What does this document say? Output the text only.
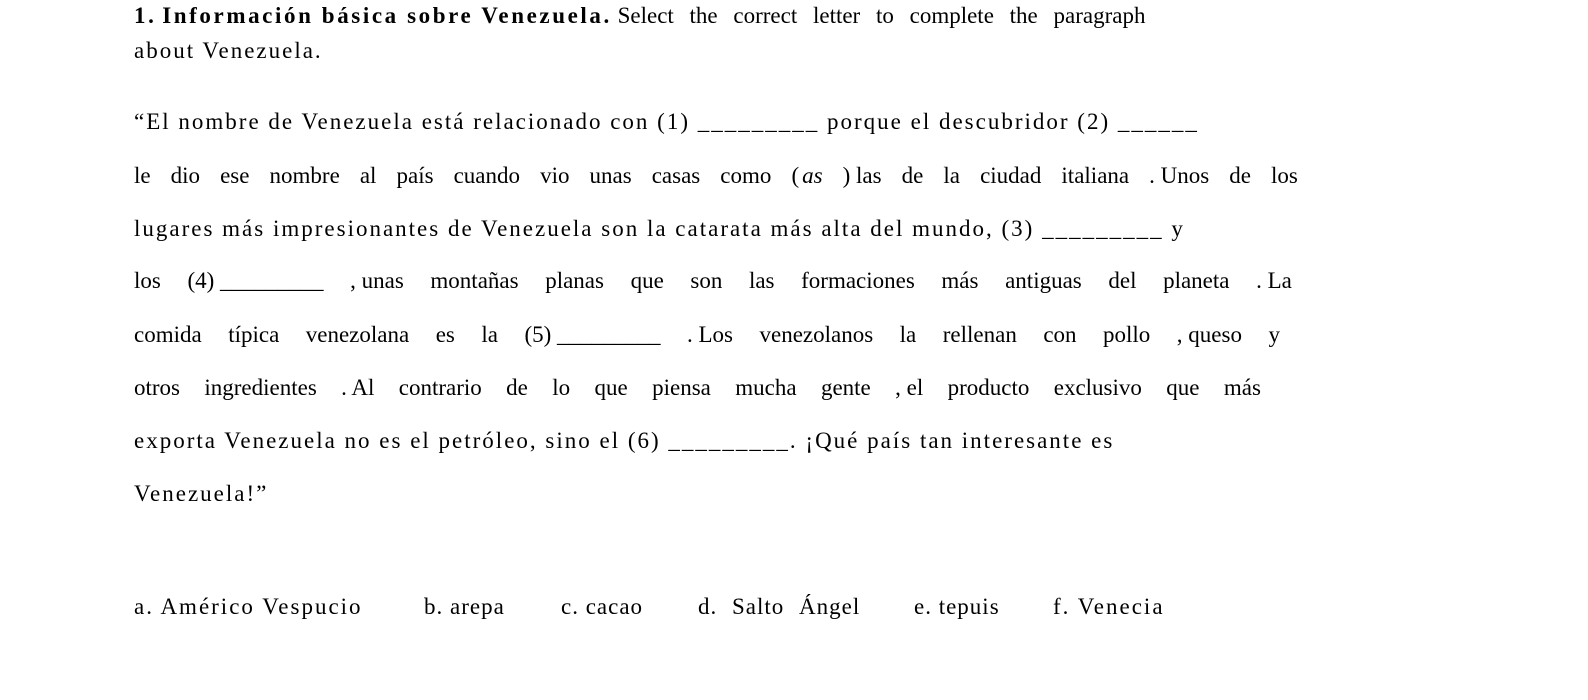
1. Información básica sobre Venezuela. Select the correct letter to complete the paragraph
about Venezuela.
“El nombre de Venezuela está relacionado con (1) _________ porque el descubridor (2) ______
le dio ese nombre al país cuando vio unas casas como ( as ) las de la ciudad italiana . Unos de los
lugares más impresionantes de Venezuela son la catarata más alta del mundo, (3) _________ y
los (4) _________ , unas montañas planas que son las formaciones más antiguas del planeta . La
comida típica venezolana es la (5) _________ . Los venezolanos la rellenan con pollo , queso y
otros ingredientes . Al contrario de lo que piensa mucha gente , el producto exclusivo que más
exporta Venezuela no es el petróleo, sino el (6) _________. ¡Qué país tan interesante es
Venezuela!”
a. Américo Vespucio	b. arepa c. cacao d. Salto Ángel e. tepuis f. Venecia
